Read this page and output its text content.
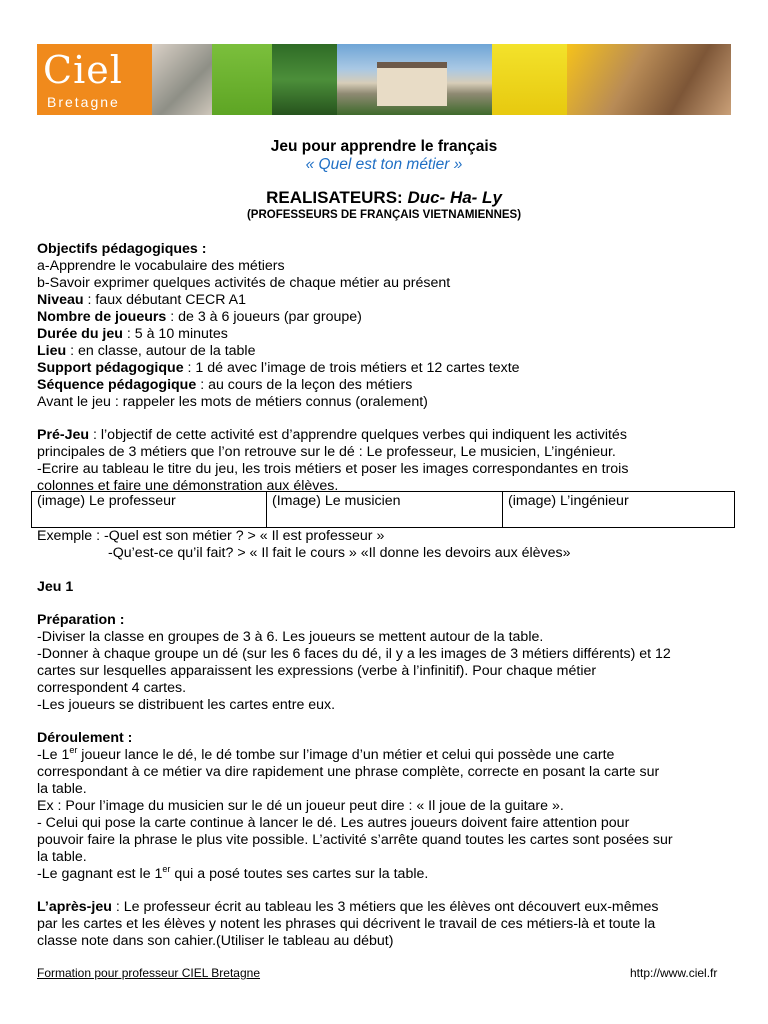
Ciel
Bretagne
Jeu pour apprendre le français
« Quel est ton métier »
REALISATEURS: Duc- Ha- Ly
(PROFESSEURS DE FRANÇAIS VIETNAMIENNES)
Objectifs pédagogiques :
a-Apprendre le vocabulaire des métiers
b-Savoir exprimer quelques activités de chaque métier au présent
Niveau : faux débutant CECR A1
Nombre de joueurs : de 3 à 6 joueurs (par groupe)
Durée du jeu : 5 à 10 minutes
Lieu : en classe, autour de la table
Support pédagogique : 1 dé avec l’image de trois métiers et 12 cartes texte
Séquence pédagogique : au cours de la leçon des métiers
Avant le jeu : rappeler les mots de métiers connus (oralement)
Pré-Jeu : l’objectif de cette activité est d’apprendre quelques verbes qui indiquent les activités
principales de 3 métiers que l’on retrouve sur le dé : Le professeur, Le musicien, L’ingénieur.
-Ecrire au tableau le titre du jeu, les trois métiers et poser les images correspondantes en trois
colonnes et faire une démonstration aux élèves.
(image) Le professeur	(Image) Le musicien	(image) L’ingénieur
Exemple : -Quel est son métier ? > « Il est professeur »
-Qu’est-ce qu’il fait? > « Il fait le cours » «Il donne les devoirs aux élèves»
Jeu 1
Préparation :
-Diviser la classe en groupes de 3 à 6. Les joueurs se mettent autour de la table.
-Donner à chaque groupe un dé (sur les 6 faces du dé, il y a les images de 3 métiers différents) et 12
cartes sur lesquelles apparaissent les expressions (verbe à l’infinitif). Pour chaque métier
correspondent 4 cartes.
-Les joueurs se distribuent les cartes entre eux.
Déroulement :
-Le 1er joueur lance le dé, le dé tombe sur l’image d’un métier et celui qui possède une carte
correspondant à ce métier va dire rapidement une phrase complète, correcte en posant la carte sur
la table.
Ex : Pour l’image du musicien sur le dé un joueur peut dire : « Il joue de la guitare ».
- Celui qui pose la carte continue à lancer le dé. Les autres joueurs doivent faire attention pour
pouvoir faire la phrase le plus vite possible. L’activité s’arrête quand toutes les cartes sont posées sur
la table.
-Le gagnant est le 1er qui a posé toutes ses cartes sur la table.
L’après-jeu : Le professeur écrit au tableau les 3 métiers que les élèves ont découvert eux-mêmes
par les cartes et les élèves y notent les phrases qui décrivent le travail de ces métiers-là et toute la
classe note dans son cahier.(Utiliser le tableau au début)
Formation pour professeur CIEL Bretagne	http://www.ciel.fr
